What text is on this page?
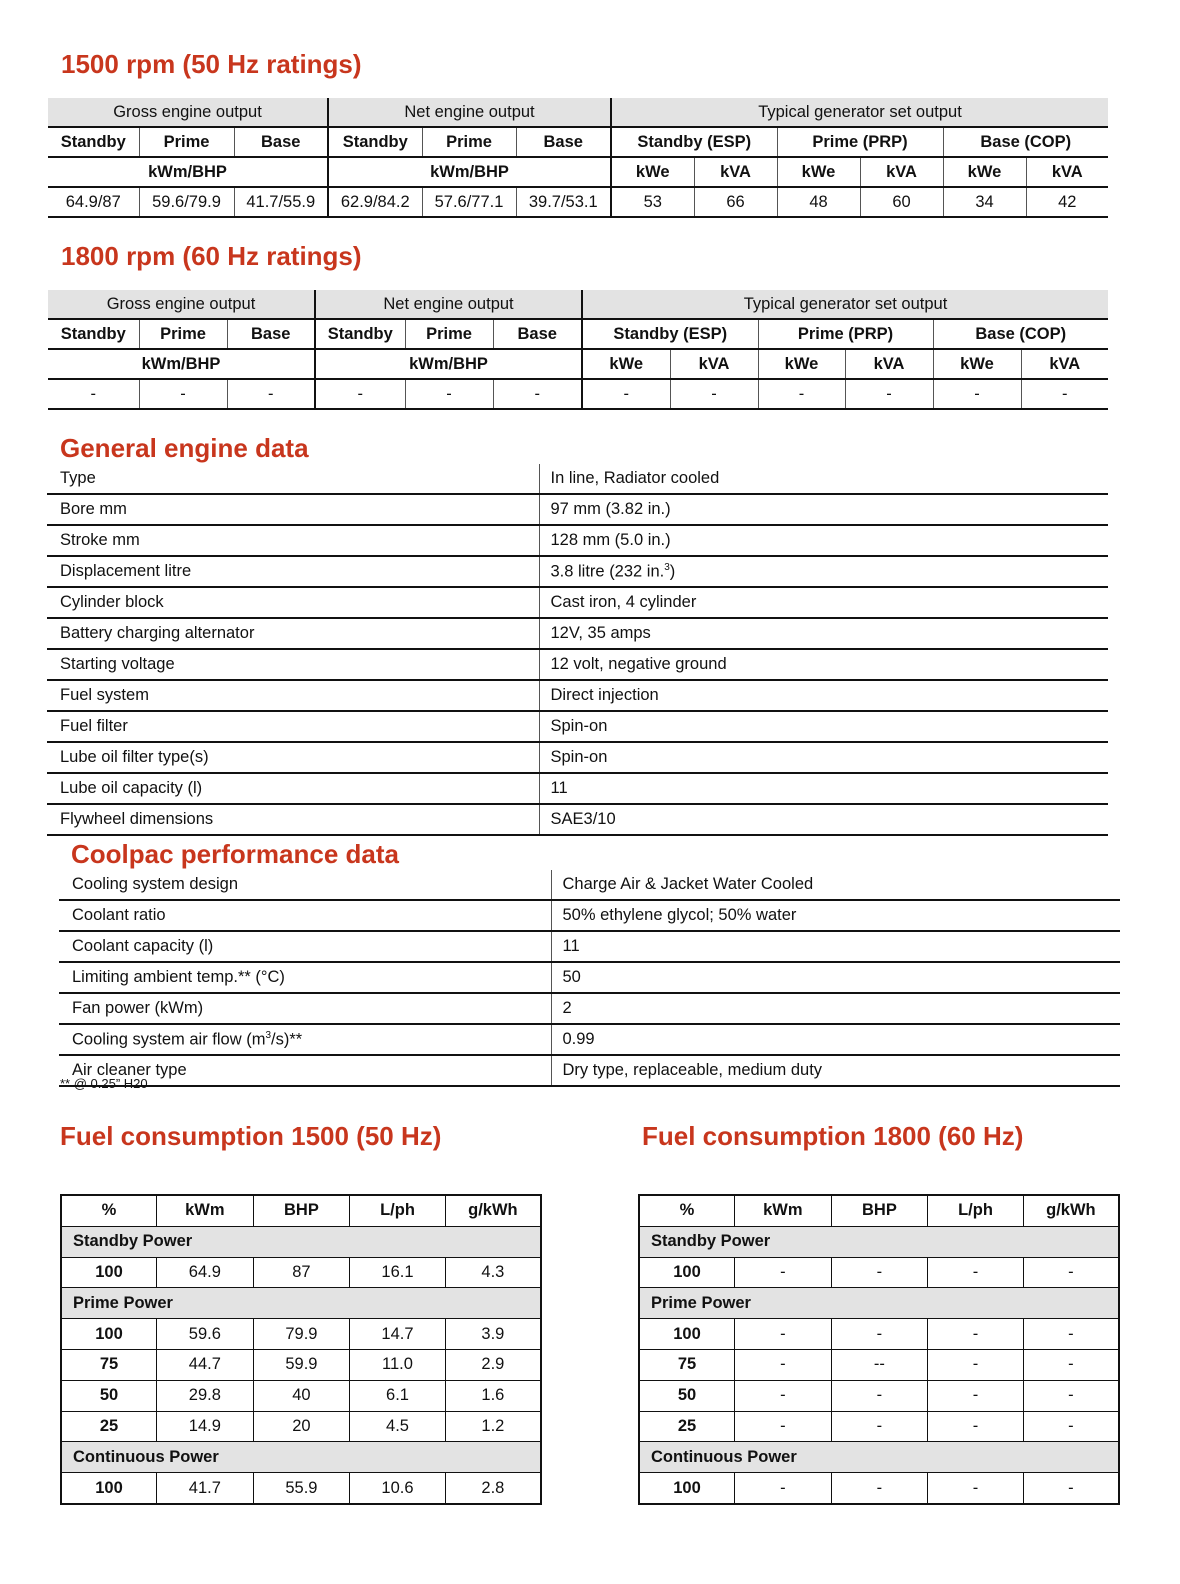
1500 rpm (50 Hz ratings)
Gross engine output			Net engine output			Typical generator set output					
Standby	Prime	Base	Standby	Prime	Base	Standby (ESP)		Prime (PRP)		Base (COP)	
kWm/BHP			kWm/BHP			kWe	kVA	kWe	kVA	kWe	kVA
64.9/87	59.6/79.9	41.7/55.9	62.9/84.2	57.6/77.1	39.7/53.1	53	66	48	60	34	42
1800 rpm (60 Hz ratings)
Gross engine output			Net engine output			Typical generator set output					
Standby	Prime	Base	Standby	Prime	Base	Standby (ESP)		Prime (PRP)		Base (COP)	
kWm/BHP			kWm/BHP			kWe	kVA	kWe	kVA	kWe	kVA
-	-	-	-	-	-	-	-	-	-	-	-
General engine data
Type	In line, Radiator cooled
Bore mm	97 mm (3.82 in.)
Stroke mm	128 mm (5.0 in.)
Displacement litre	3.8 litre (232 in.$^3$)
Cylinder block	Cast iron, 4 cylinder
Battery charging alternator	12V, 35 amps
Starting voltage	12 volt, negative ground
Fuel system	Direct injection
Fuel filter	Spin-on
Lube oil filter type(s)	Spin-on
Lube oil capacity (l)	11
Flywheel dimensions	SAE3/10
Coolpac performance data
Cooling system design	Charge Air & Jacket Water Cooled
Coolant ratio	50% ethylene glycol; 50% water
Coolant capacity (l)	11
Limiting ambient temp.** (°C)	50
Fan power (kWm)	2
Cooling system air flow $(m^3/s)**$	0.99
Air cleaner type	Dry type, replaceable, medium duty
** @ 0.25” H20
Fuel consumption 1500 (50 Hz)
%	kWm	BHP	L/ph	g/kWh
Standby Power				
100	64.9	87	16.1	4.3
Prime Power				
100	59.6	79.9	14.7	3.9
75	44.7	59.9	11.0	2.9
50	29.8	40	6.1	1.6
25	14.9	20	4.5	1.2
Continuous Power				
100	41.7	55.9	10.6	2.8
Fuel consumption 1800 (60 Hz)
%	kWm	BHP	L/ph	g/kWh
Standby Power				
100	-	-	-	-
Prime Power				
100	-	-	-	-
75	-	--	-	-
50	-	-	-	-
25	-	-	-	-
Continuous Power				
100	-	-	-	-
